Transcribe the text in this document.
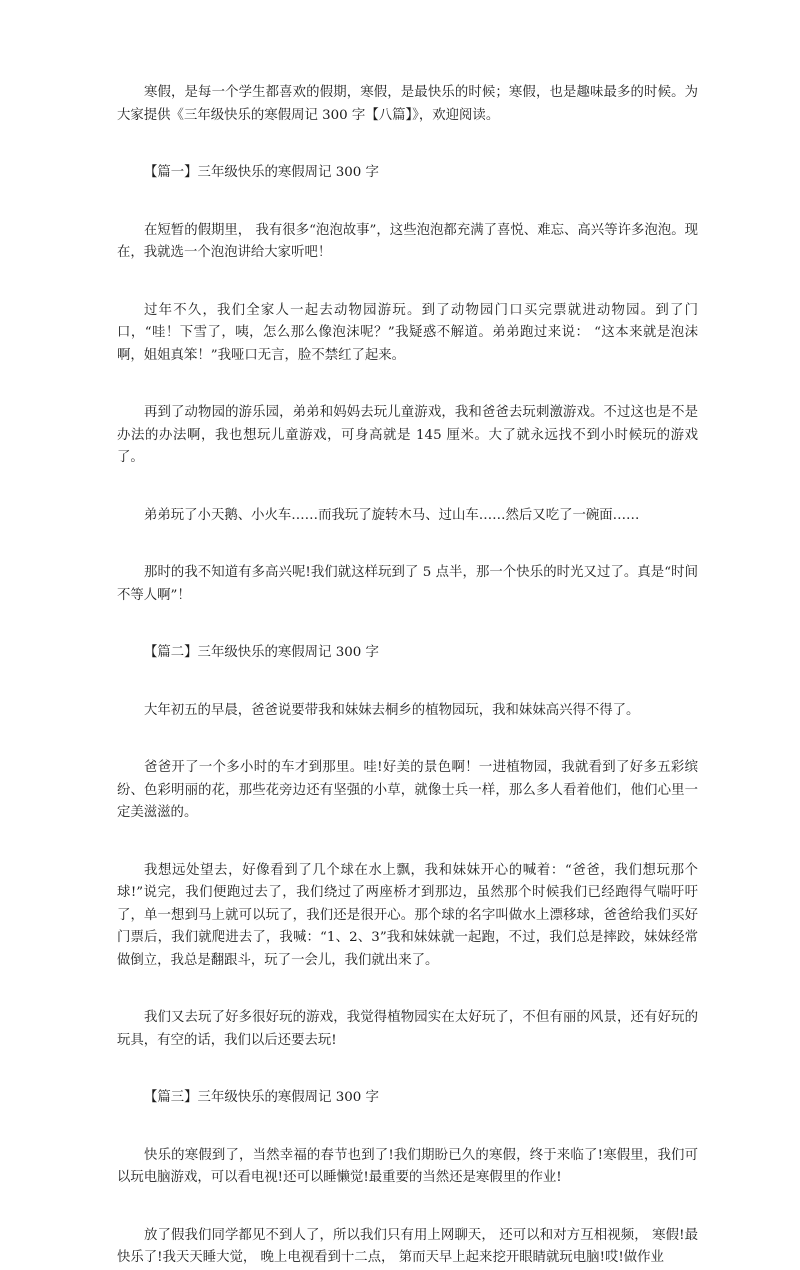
寒假，是每一个学生都喜欢的假期，寒假，是最快乐的时候；寒假，也是趣味最多的时候。为大家提供《三年级快乐的寒假周记 300 字【八篇】》，欢迎阅读。

【篇一】三年级快乐的寒假周记 300 字

在短暂的假期里， 我有很多“泡泡故事”，这些泡泡都充满了喜悦、难忘、高兴等许多泡泡。现在，我就选一个泡泡讲给大家听吧！

过年不久，我们全家人一起去动物园游玩。到了动物园门口买完票就进动物园。到了门口，“哇！下雪了，咦，怎么那么像泡沫呢？”我疑惑不解道。弟弟跑过来说： “这本来就是泡沫啊，姐姐真笨！”我哑口无言，脸不禁红了起来。

再到了动物园的游乐园，弟弟和妈妈去玩儿童游戏，我和爸爸去玩刺激游戏。不过这也是不是办法的办法啊，我也想玩儿童游戏，可身高就是 145 厘米。大了就永远找不到小时候玩的游戏了。

弟弟玩了小天鹅、小火车……而我玩了旋转木马、过山车……然后又吃了一碗面……

那时的我不知道有多高兴呢!我们就这样玩到了 5 点半，那一个快乐的时光又过了。真是“时间不等人啊”！

【篇二】三年级快乐的寒假周记 300 字

大年初五的早晨，爸爸说要带我和妹妹去桐乡的植物园玩，我和妹妹高兴得不得了。

爸爸开了一个多小时的车才到那里。哇!好美的景色啊！一进植物园，我就看到了好多五彩缤纷、色彩明丽的花，那些花旁边还有坚强的小草，就像士兵一样，那么多人看着他们，他们心里一定美滋滋的。

我想远处望去，好像看到了几个球在水上飘，我和妹妹开心的喊着：“爸爸，我们想玩那个球!”说完，我们便跑过去了，我们绕过了两座桥才到那边，虽然那个时候我们已经跑得气喘吁吁了，单一想到马上就可以玩了，我们还是很开心。那个球的名字叫做水上漂移球，爸爸给我们买好门票后，我们就爬进去了，我喊：“1、2、3”我和妹妹就一起跑，不过，我们总是摔跤，妹妹经常做倒立，我总是翻跟斗，玩了一会儿，我们就出来了。

我们又去玩了好多很好玩的游戏，我觉得植物园实在太好玩了，不但有丽的风景，还有好玩的玩具，有空的话，我们以后还要去玩!

【篇三】三年级快乐的寒假周记 300 字

快乐的寒假到了，当然幸福的春节也到了!我们期盼已久的寒假，终于来临了!寒假里，我们可以玩电脑游戏，可以看电视!还可以睡懒觉!最重要的当然还是寒假里的作业!

放了假我们同学都见不到人了，所以我们只有用上网聊天， 还可以和对方互相视频， 寒假!最快乐了!我天天睡大觉， 晚上电视看到十二点， 第而天早上起来挖开眼睛就玩电脑!哎!做作业
